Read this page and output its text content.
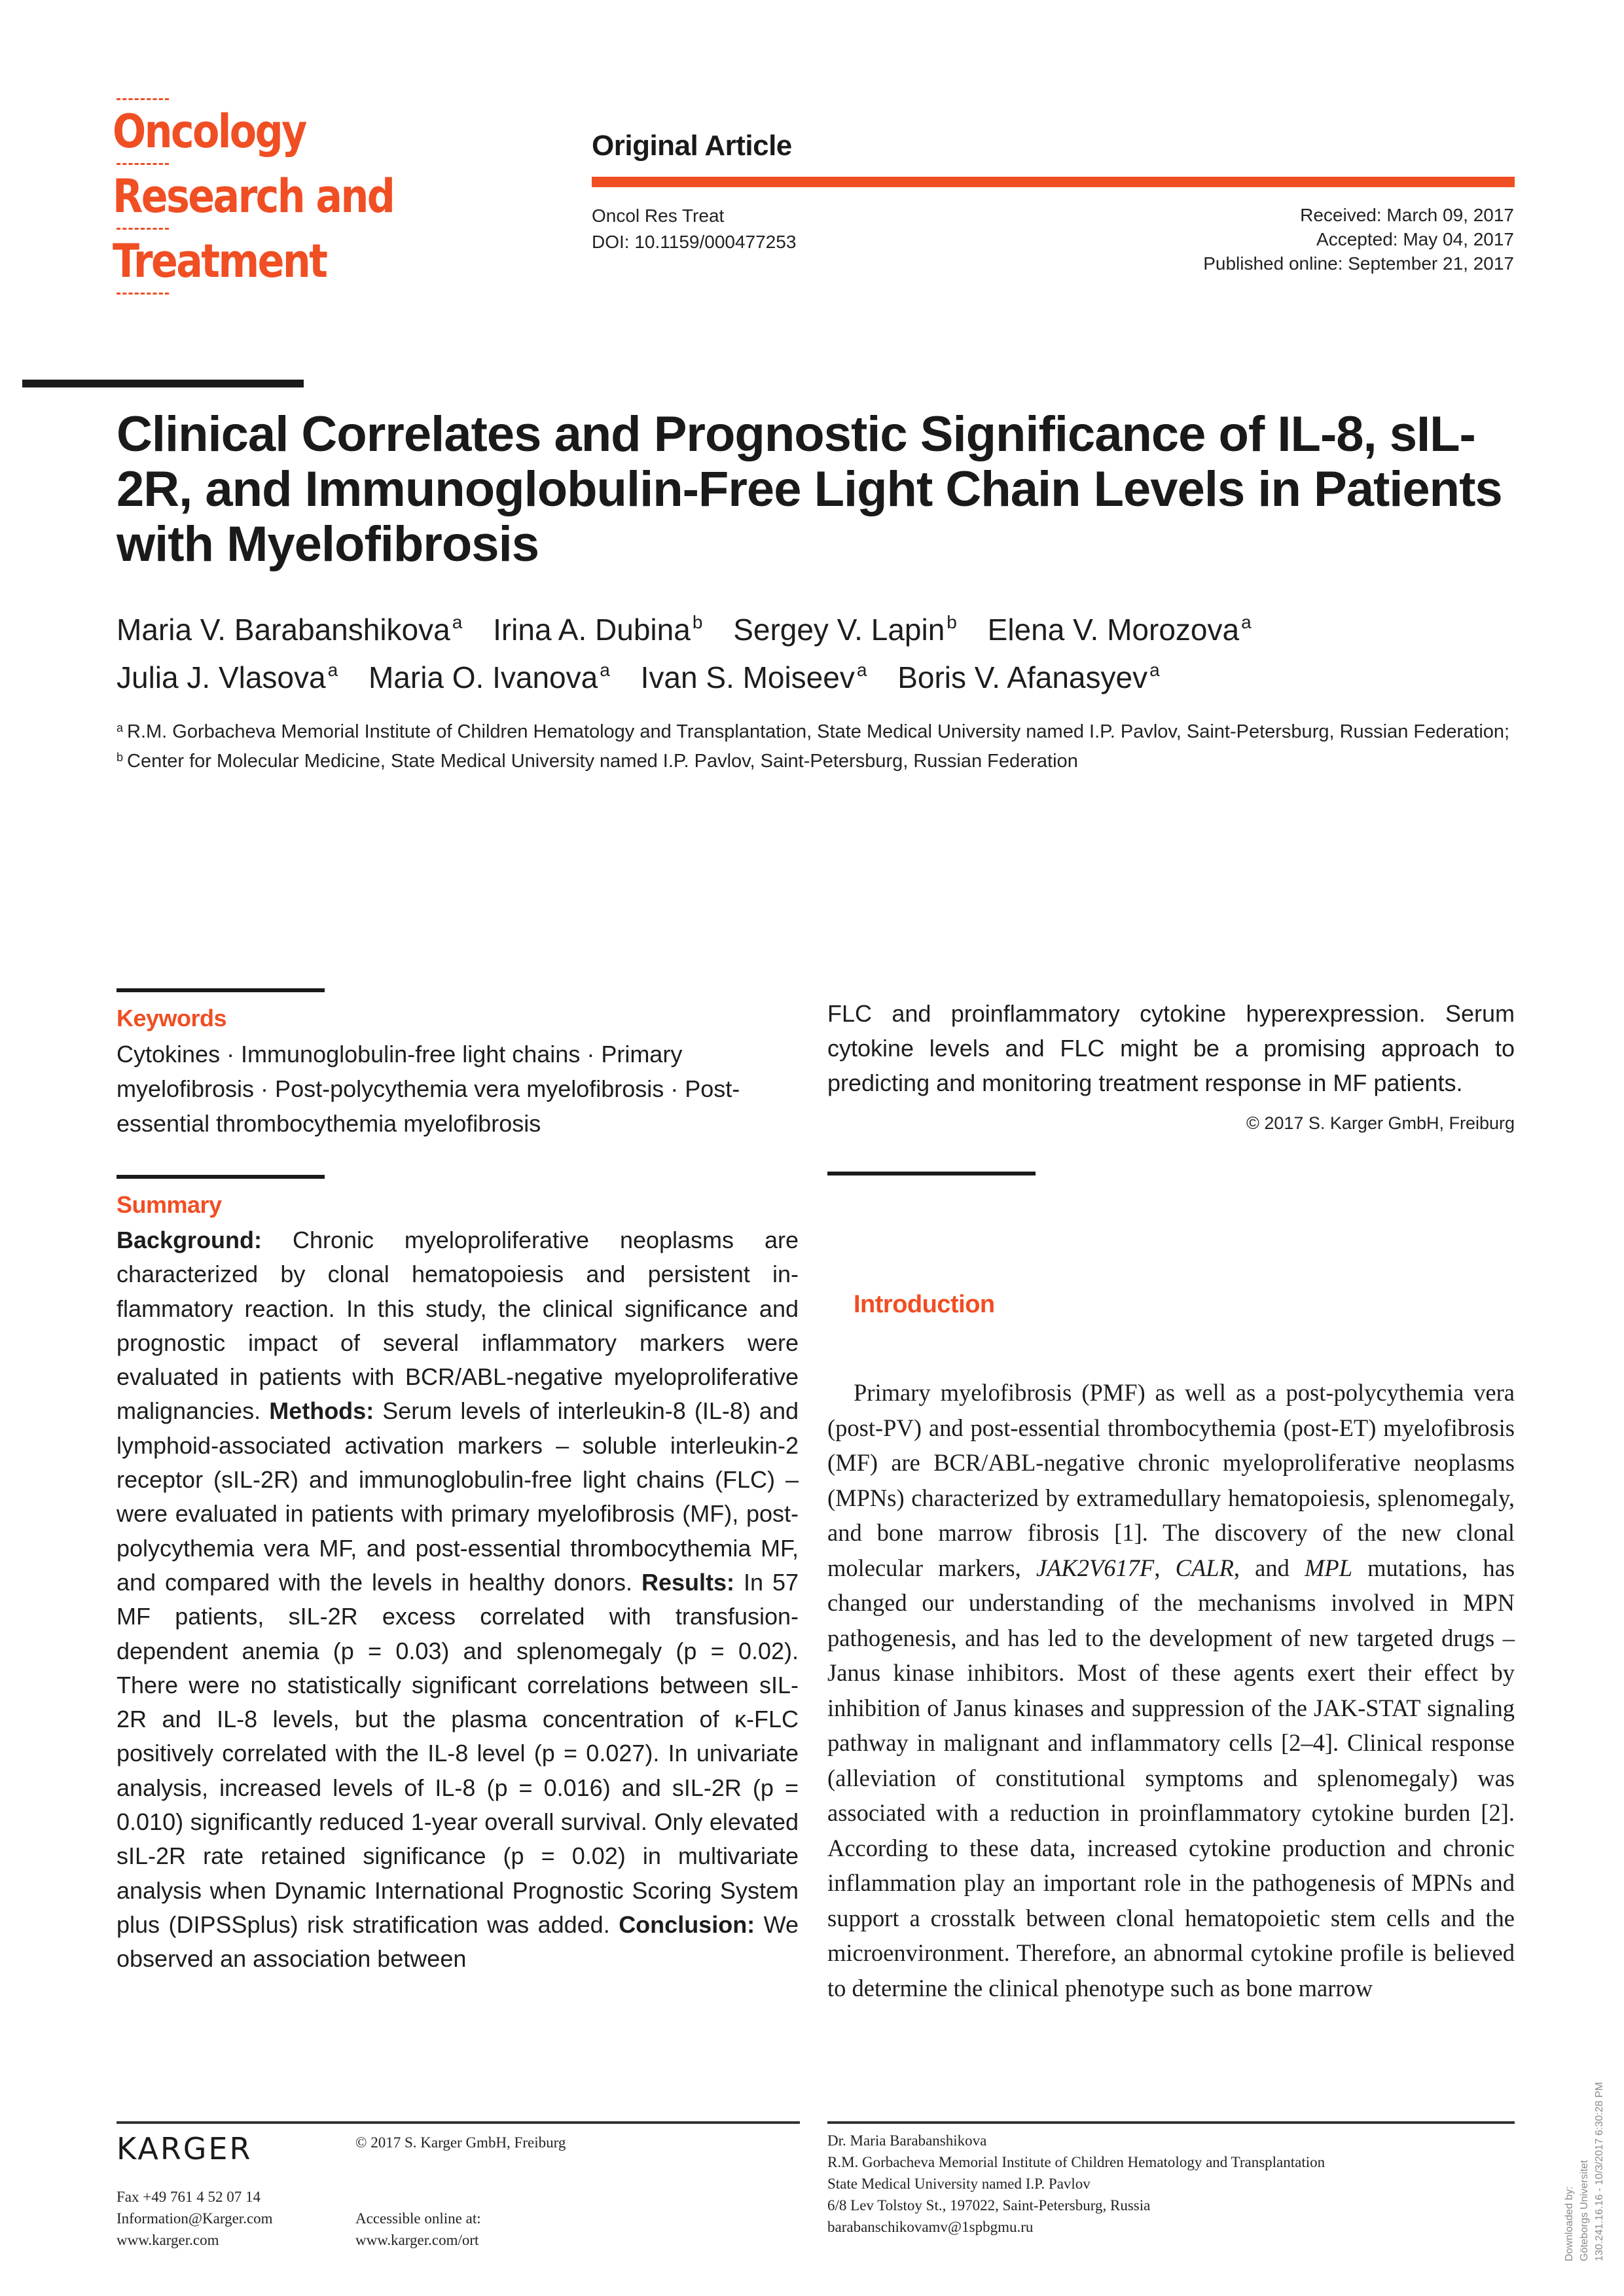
Oncology
Research and
Treatment
Original Article
Oncol Res Treat
DOI: 10.1159/000477253
Received: March 09, 2017
Accepted: May 04, 2017
Published online: September 21, 2017
Clinical Correlates and Prognostic Significance of IL-8, sIL-2R, and Immunoglobulin-Free Light Chain Levels in Patients with Myelofibrosis
Maria V. Barabanshikova $^a$ Irina A. Dubina $^b$ Sergey V. Lapin $^b$ Elena V. Morozova $^a$
Julia J. Vlasova $^a$ Maria O. Ivanova $^a$ Ivan S. Moiseev $^a$ Boris V. Afanasyev $^a$
a R.M. Gorbacheva Memorial Institute of Children Hematology and Transplantation, State Medical University named I.P. Pavlov, Saint-Petersburg, Russian Federation;
b Center for Molecular Medicine, State Medical University named I.P. Pavlov, Saint-Petersburg, Russian Federation
Keywords
Cytokines · Immunoglobulin-free light chains · Primary myelofibrosis · Post-polycythemia vera myelofibrosis · Post-essential thrombocythemia myelofibrosis
Summary
Background: Chronic myeloproliferative neoplasms are characterized by clonal hematopoiesis and persistent inflammatory reaction. In this study, the clinical significance and prognostic impact of several inflammatory markers were evaluated in patients with BCR/ABL-negative myeloproliferative malignancies. Methods: Serum levels of interleukin-8 (IL-8) and lymphoid-associated activation markers – soluble interleukin-2 receptor (sIL-2R) and immunoglobulin-free light chains (FLC) – were evaluated in patients with primary myelofibrosis (MF), post-polycythemia vera MF, and post-essential thrombocythemia MF, and compared with the levels in healthy donors. Results: In 57 MF patients, sIL-2R excess correlated with transfusion-dependent anemia (p = 0.03) and splenomegaly (p = 0.02). There were no statistically significant correlations between sIL-2R and IL-8 levels, but the plasma concentration of κ-FLC positively correlated with the IL-8 level (p = 0.027). In univariate analysis, increased levels of IL-8 (p = 0.016) and sIL-2R (p = 0.010) significantly reduced 1-year overall survival. Only elevated sIL-2R rate retained significance (p = 0.02) in multivariate analysis when Dynamic International Prognostic Scoring System plus (DIPSSplus) risk stratification was added. Conclusion: We observed an association between
FLC and proinflammatory cytokine hyperexpression. Serum cytokine levels and FLC might be a promising approach to predicting and monitoring treatment response in MF patients.
© 2017 S. Karger GmbH, Freiburg
Introduction

Primary myelofibrosis (PMF) as well as a post-polycythemia vera (post-PV) and post-essential thrombocythemia (post-ET) myelofibrosis (MF) are BCR/ABL-negative chronic myeloproliferative neoplasms (MPNs) characterized by extramedullary hematopoiesis, splenomegaly, and bone marrow fibrosis [1]. The discovery of the new clonal molecular markers, JAK2V617F, CALR, and MPL mutations, has changed our understanding of the mechanisms involved in MPN pathogenesis, and has led to the development of new targeted drugs – Janus kinase inhibitors. Most of these agents exert their effect by inhibition of Janus kinases and suppression of the JAK-STAT signaling pathway in malignant and inflammatory cells [2–4]. Clinical response (alleviation of constitutional symptoms and splenomegaly) was associated with a reduction in proinflammatory cytokine burden [2]. According to these data, increased cytokine production and chronic inflammation play an important role in the pathogenesis of MPNs and support a crosstalk between clonal hematopoietic stem cells and the microenvironment. Therefore, an abnormal cytokine profile is believed to determine the clinical phenotype such as bone marrow

KARGER	© 2017 S. Karger GmbH, Freiburg
Fax +49 761 4 52 07 14
Information@Karger.com
www.karger.com
Accessible online at:
www.karger.com/ort
Dr. Maria Barabanshikova
R.M. Gorbacheva Memorial Institute of Children Hematology and Transplantation
State Medical University named I.P. Pavlov
6/8 Lev Tolstoy St., 197022, Saint-Petersburg, Russia
barabanschikovamv@1spbgmu.ru	Downloaded by: Göteborgs Universitet 130.241.16.16 - 10/3/2017 6:30:28 PM
